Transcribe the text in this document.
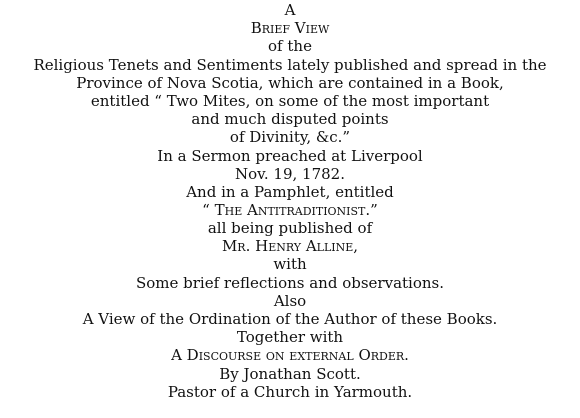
A
Brief View
of the
Religious Tenets and Sentiments lately published and spread in the
Province of Nova Scotia, which are contained in a Book,
entitled “ Two Mites, on some of the most important
and much disputed points
of Divinity, &c.”
In a Sermon preached at Liverpool
Nov. 19, 1782.
And in a Pamphlet, entitled
“ The Antitraditionist.”
all being published of
Mr. Henry Alline,
with
Some brief reflections and observations.
Also
A View of the Ordination of the Author of these Books.
Together with
A Discourse on external Order.
By Jonathan Scott.
Pastor of a Church in Yarmouth.
